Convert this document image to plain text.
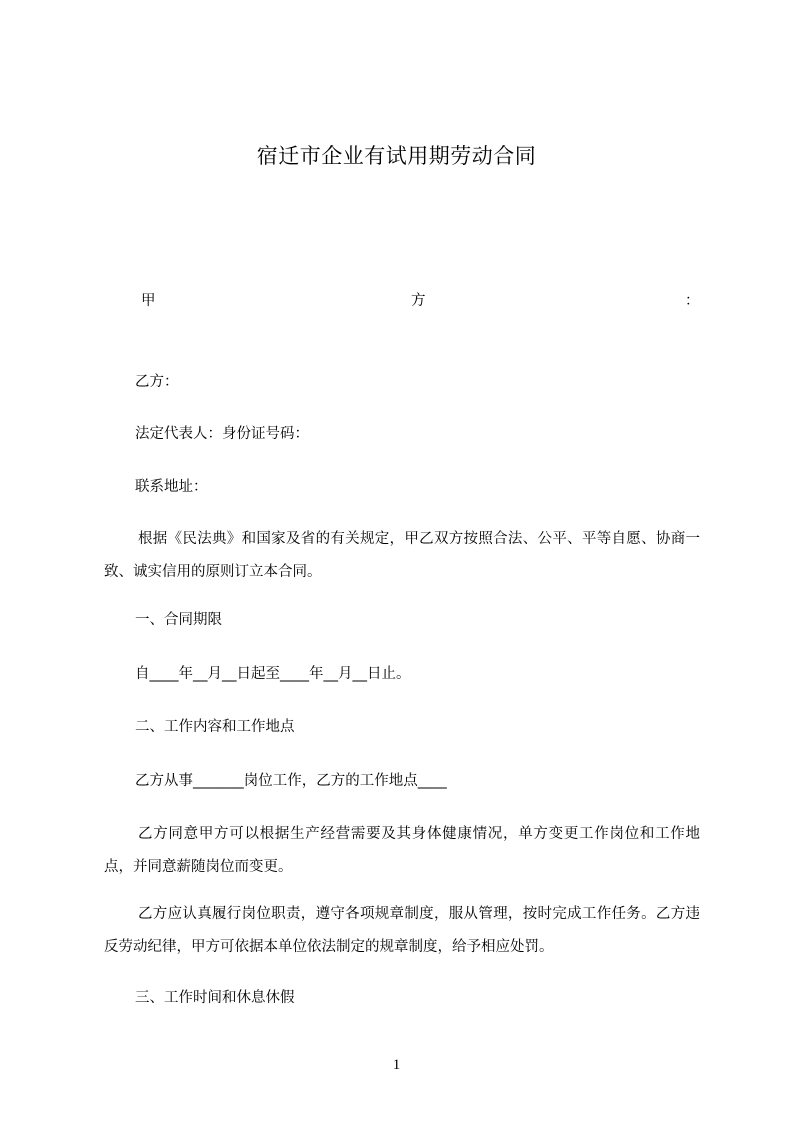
宿迁市企业有试用期劳动合同
甲	方	：
乙方：
法定代表人：身份证号码：
联系地址：
根据《民法典》和国家及省的有关规定，甲乙双方按照合法、公平、平等自愿、协商一致、诚实信用的原则订立本合同。
一、合同期限
自____年__月__日起至____年__月__日止。
二、工作内容和工作地点
乙方从事_______岗位工作，乙方的工作地点____
乙方同意甲方可以根据生产经营需要及其身体健康情况，单方变更工作岗位和工作地点，并同意薪随岗位而变更。
乙方应认真履行岗位职责，遵守各项规章制度，服从管理，按时完成工作任务。乙方违反劳动纪律，甲方可依据本单位依法制定的规章制度，给予相应处罚。
三、工作时间和休息休假
1
